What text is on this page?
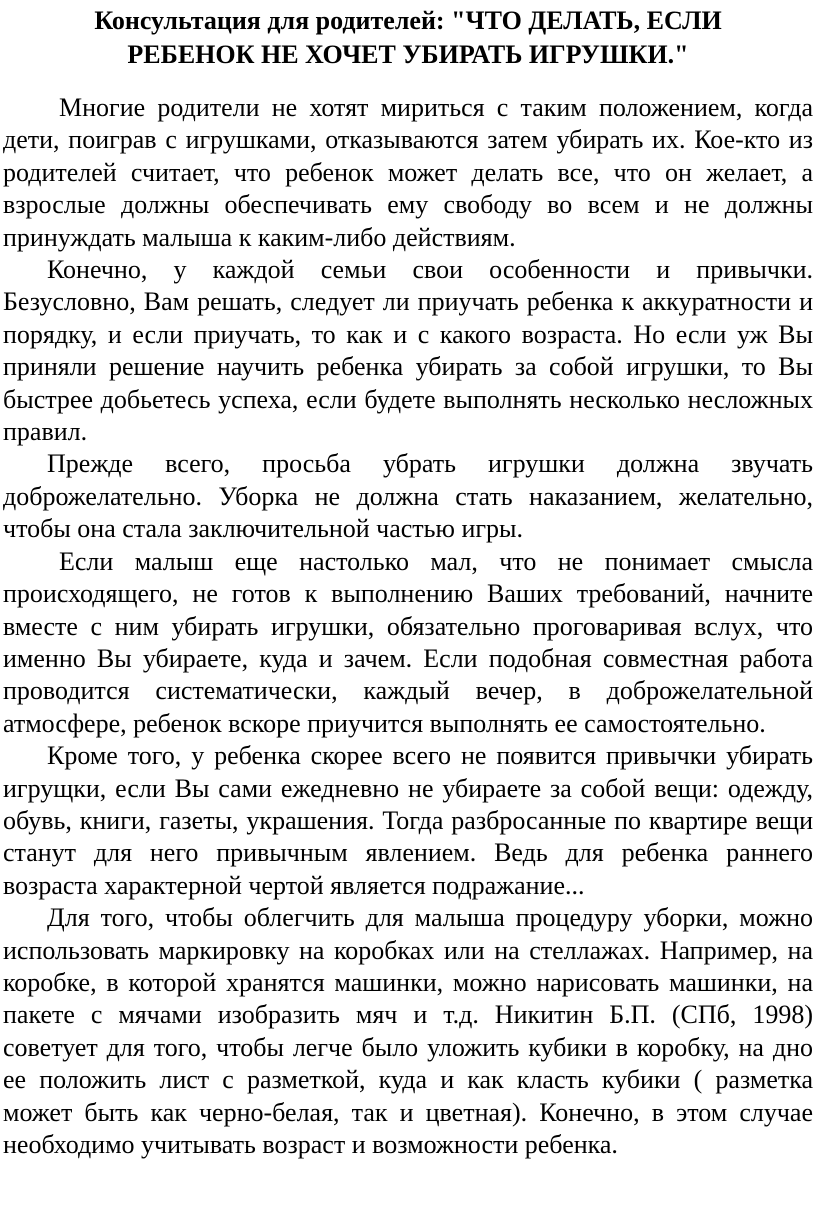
Консультация для родителей: "ЧТО ДЕЛАТЬ, ЕСЛИ
РЕБЕНОК НЕ ХОЧЕТ УБИРАТЬ ИГРУШКИ."

Многие родители не хотят мириться с таким положением, когда дети, поиграв с игрушками, отказываются затем убирать их. Кое-кто из родителей считает, что ребенок может делать все, что он желает, а взрослые должны обеспечивать ему свободу во всем и не должны принуждать малыша к каким-либо действиям.

Конечно, у каждой семьи свои особенности и привычки. Безусловно, Вам решать, следует ли приучать ребенка к аккуратности и порядку, и если приучать, то как и с какого возраста. Но если уж Вы приняли решение научить ребенка убирать за собой игрушки, то Вы быстрее добьетесь успеха, если будете выполнять несколько несложных правил.

Прежде всего, просьба убрать игрушки должна звучать доброжелательно. Уборка не должна стать наказанием, желательно, чтобы она стала заключительной частью игры.

Если малыш еще настолько мал, что не понимает смысла происходящего, не готов к выполнению Ваших требований, начните вместе с ним убирать игрушки, обязательно проговаривая вслух, что именно Вы убираете, куда и зачем. Если подобная совместная работа проводится систематически, каждый вечер, в доброжелательной атмосфере, ребенок вскоре приучится выполнять ее самостоятельно.

Кроме того, у ребенка скорее всего не появится привычки убирать игрущки, если Вы сами ежедневно не убираете за собой вещи: одежду, обувь, книги, газеты, украшения. Тогда разбросанные по квартире вещи станут для него привычным явлением. Ведь для ребенка раннего возраста характерной чертой является подражание...

Для того, чтобы облегчить для малыша процедуру уборки, можно использовать маркировку на коробках или на стеллажах. Например, на коробке, в которой хранятся машинки, можно нарисовать машинки, на пакете с мячами изобразить мяч и т.д. Никитин Б.П. (СПб, 1998) советует для того, чтобы легче было уложить кубики в коробку, на дно ее положить лист с разметкой, куда и как класть кубики ( разметка может быть как черно-белая, так и цветная). Конечно, в этом случае необходимо учитывать возраст и возможности ребенка.
